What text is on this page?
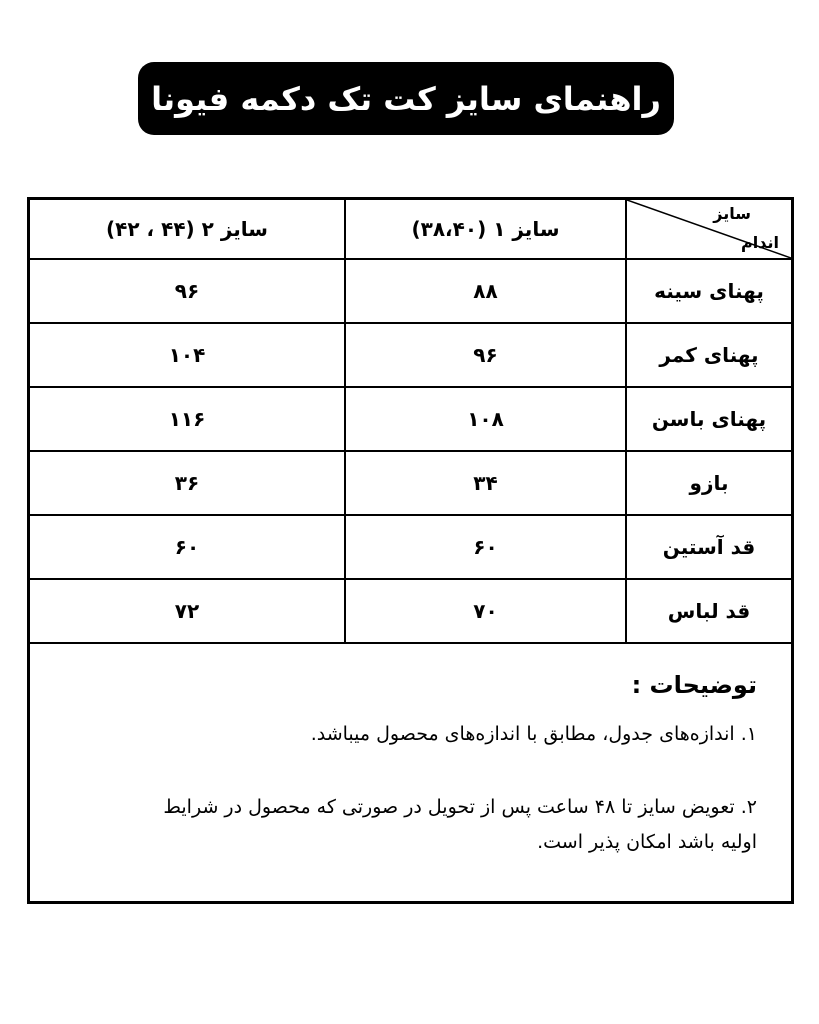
راهنمای سایز کت تک دکمه فیونا
سایز ۲ (۴۴ ، ۴۲)	سایز ۱ (۳۸،۴۰)	سایز
اندام

۹۶	۸۸	پهنای سینه
۱۰۴	۹۶	پهنای کمر
۱۱۶	۱۰۸	پهنای باسن
۳۶	۳۴	بازو
۶۰	۶۰	قد آستین
۷۲	۷۰	قد لباس
توضیحات :
۱. اندازه‌های جدول، مطابق با اندازه‌های محصول میباشد.
۲. تعویض سایز تا ۴۸ ساعت پس از تحویل در صورتی که محصول در شرایط اولیه باشد امکان پذیر است.
